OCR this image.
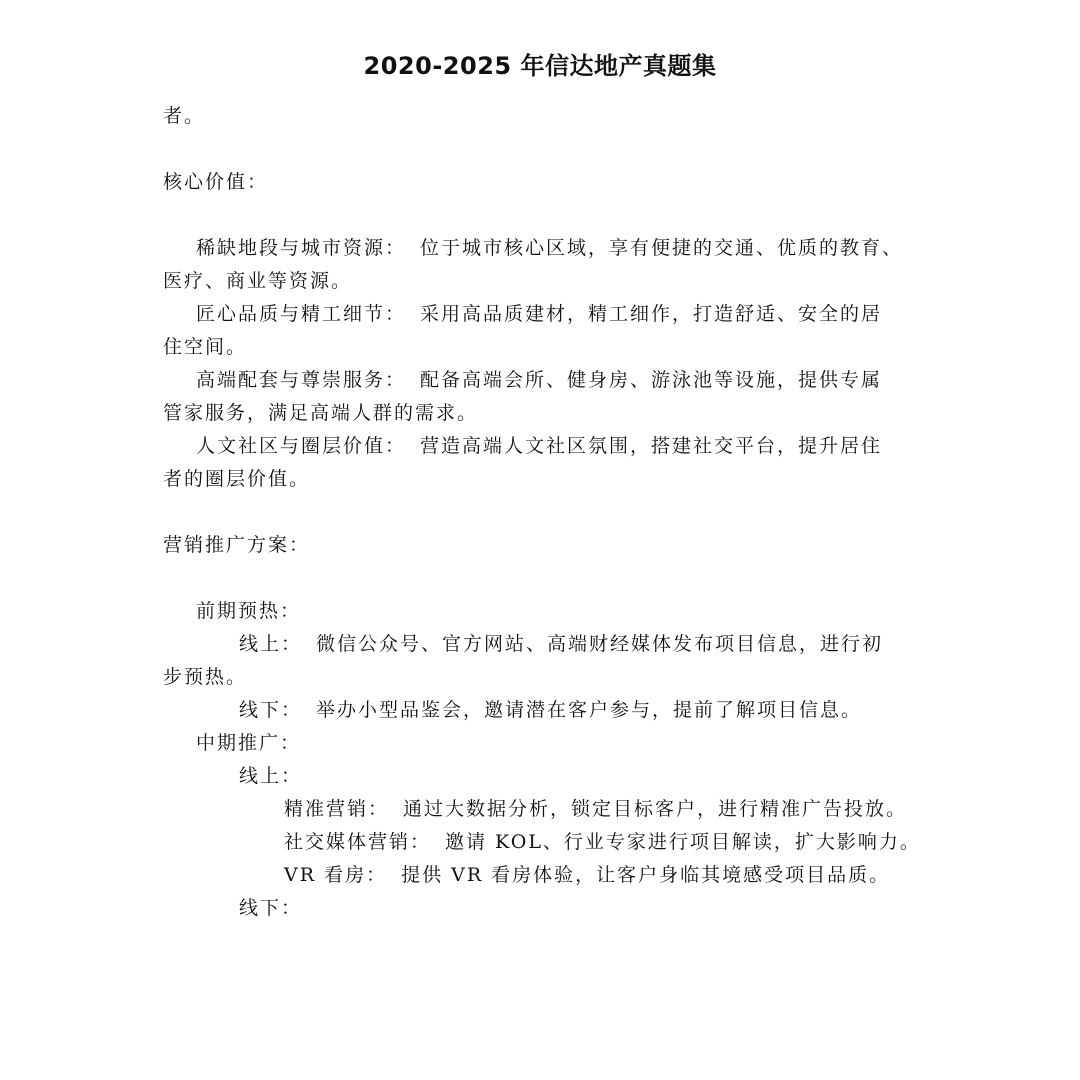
2020-2025 年信达地产真题集

者。

核心价值：

稀缺地段与城市资源： 位于城市核心区域，享有便捷的交通、优质的教育、

医疗、商业等资源。

匠心品质与精工细节： 采用高品质建材，精工细作，打造舒适、安全的居

住空间。

高端配套与尊崇服务： 配备高端会所、健身房、游泳池等设施，提供专属

管家服务，满足高端人群的需求。

人文社区与圈层价值： 营造高端人文社区氛围，搭建社交平台，提升居住

者的圈层价值。

营销推广方案：

前期预热：

线上： 微信公众号、官方网站、高端财经媒体发布项目信息，进行初

步预热。

线下： 举办小型品鉴会，邀请潜在客户参与，提前了解项目信息。

中期推广：

线上：

精准营销： 通过大数据分析，锁定目标客户，进行精准广告投放。

社交媒体营销： 邀请 KOL、行业专家进行项目解读，扩大影响力。

VR 看房： 提供 VR 看房体验，让客户身临其境感受项目品质。

线下：
